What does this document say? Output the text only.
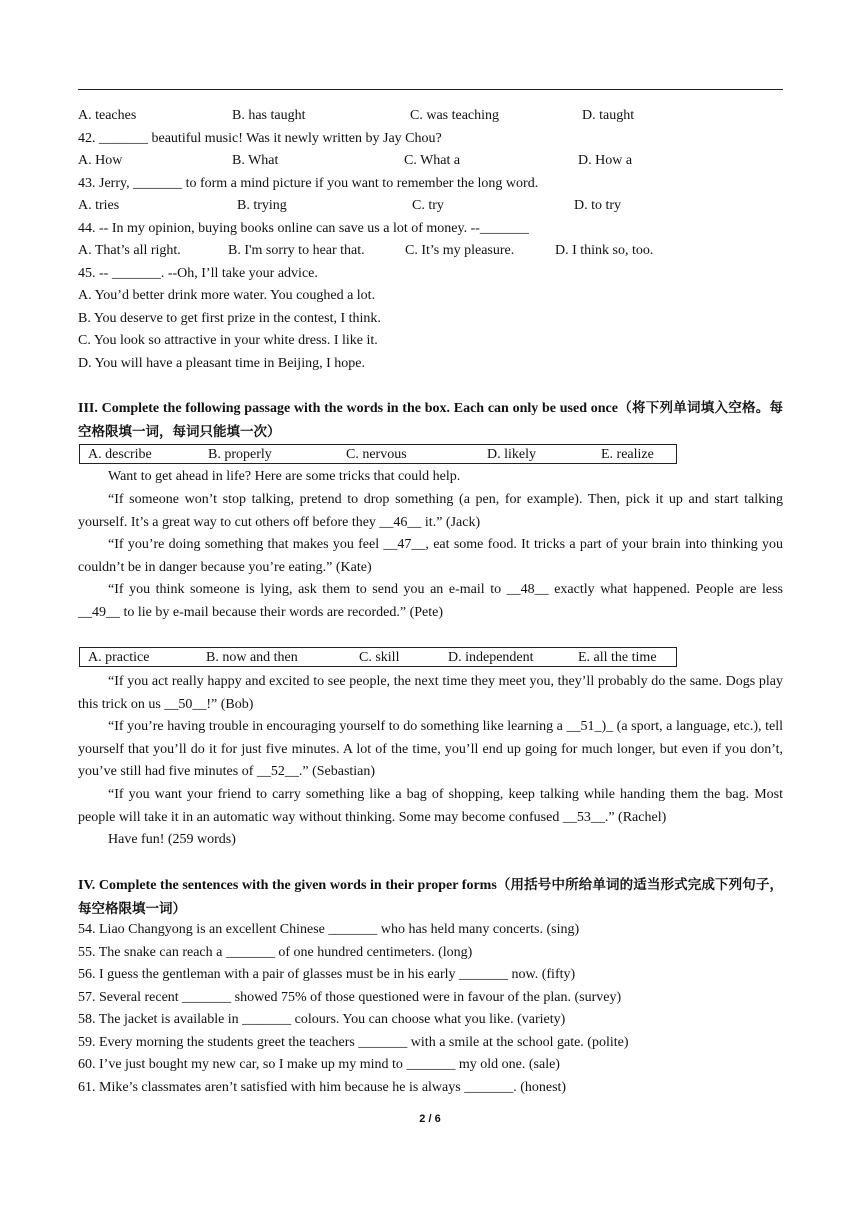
A. teaches	B. has taught	C. was teaching	D. taught
42. _______ beautiful music! Was it newly written by Jay Chou?
A. How	B. What	C. What a	D. How a
43. Jerry, _______ to form a mind picture if you want to remember the long word.
A. tries	B. trying	C. try	D. to try
44. -- In my opinion, buying books online can save us a lot of money. --_______
A. That’s all right.	B. I'm sorry to hear that.	C. It’s my pleasure.	D. I think so, too.
45. -- _______. --Oh, I’ll take your advice.
A. You’d better drink more water. You coughed a lot.
B. You deserve to get first prize in the contest, I think.
C. You look so attractive in your white dress. I like it.
D. You will have a pleasant time in Beijing, I hope.
III. Complete the following passage with the words in the box. Each can only be used once（将下列单词填入空格。每空格限填一词，每词只能填一次）
A. describe	B. properly	C. nervous	D. likely	E. realize
Want to get ahead in life? Here are some tricks that could help.
“If someone won’t stop talking, pretend to drop something (a pen, for example). Then, pick it up and start talking yourself. It’s a great way to cut others off before they __46__ it.” (Jack)
“If you’re doing something that makes you feel __47__, eat some food. It tricks a part of your brain into thinking you couldn’t be in danger because you’re eating.” (Kate)
“If you think someone is lying, ask them to send you an e-mail to __48__ exactly what happened. People are less __49__ to lie by e-mail because their words are recorded.” (Pete)
A. practice	B. now and then	C. skill	D. independent	E. all the time
“If you act really happy and excited to see people, the next time they meet you, they’ll probably do the same. Dogs play this trick on us __50__!” (Bob)
“If you’re having trouble in encouraging yourself to do something like learning a __51_)_ (a sport, a language, etc.), tell yourself that you’ll do it for just five minutes. A lot of the time, you’ll end up going for much longer, but even if you don’t, you’ve still had five minutes of __52__.” (Sebastian)
“If you want your friend to carry something like a bag of shopping, keep talking while handing them the bag. Most people will take it in an automatic way without thinking. Some may become confused __53__.” (Rachel)
Have fun! (259 words)
IV. Complete the sentences with the given words in their proper forms（用括号中所给单词的适当形式完成下列句子，每空格限填一词）
54. Liao Changyong is an excellent Chinese _______ who has held many concerts. (sing)
55. The snake can reach a _______ of one hundred centimeters. (long)
56. I guess the gentleman with a pair of glasses must be in his early _______ now. (fifty)
57. Several recent _______ showed 75% of those questioned were in favour of the plan. (survey)
58. The jacket is available in _______ colours. You can choose what you like. (variety)
59. Every morning the students greet the teachers _______ with a smile at the school gate. (polite)
60. I’ve just bought my new car, so I make up my mind to _______ my old one. (sale)
61. Mike’s classmates aren’t satisfied with him because he is always _______. (honest)
2 / 6
